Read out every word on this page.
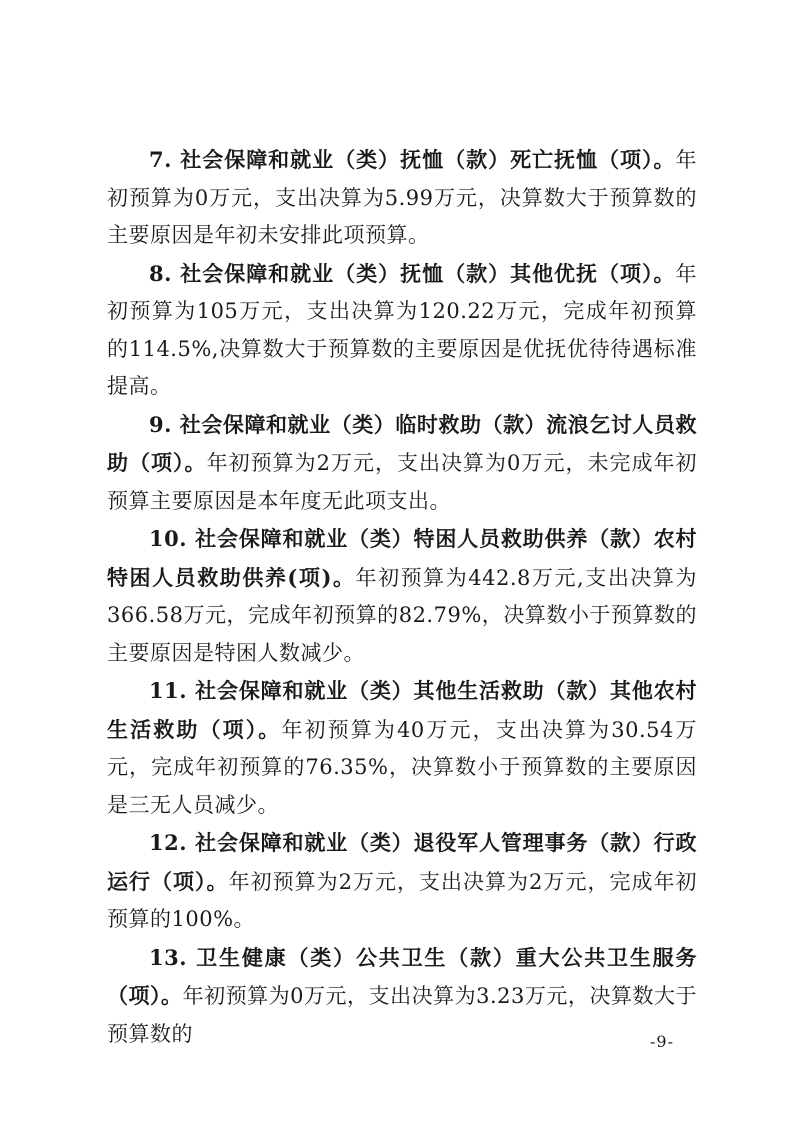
7. 社会保障和就业（类）抚恤（款）死亡抚恤（项）。年初预算为0万元，支出决算为5.99万元，决算数大于预算数的主要原因是年初未安排此项预算。

8. 社会保障和就业（类）抚恤（款）其他优抚（项）。年初预算为105万元，支出决算为120.22万元，完成年初预算的114.5%,决算数大于预算数的主要原因是优抚优待待遇标准提高。

9. 社会保障和就业（类）临时救助（款）流浪乞讨人员救助（项）。年初预算为2万元，支出决算为0万元，未完成年初预算主要原因是本年度无此项支出。

10. 社会保障和就业（类）特困人员救助供养（款）农村特困人员救助供养(项)。年初预算为442.8万元,支出决算为366.58万元，完成年初预算的82.79%，决算数小于预算数的主要原因是特困人数减少。

11. 社会保障和就业（类）其他生活救助（款）其他农村生活救助（项）。年初预算为40万元，支出决算为30.54万元，完成年初预算的76.35%，决算数小于预算数的主要原因是三无人员减少。

12. 社会保障和就业（类）退役军人管理事务（款）行政运行（项）。年初预算为2万元，支出决算为2万元，完成年初预算的100%。

13. 卫生健康（类）公共卫生（款）重大公共卫生服务（项）。年初预算为0万元，支出决算为3.23万元，决算数大于预算数的	-9-
